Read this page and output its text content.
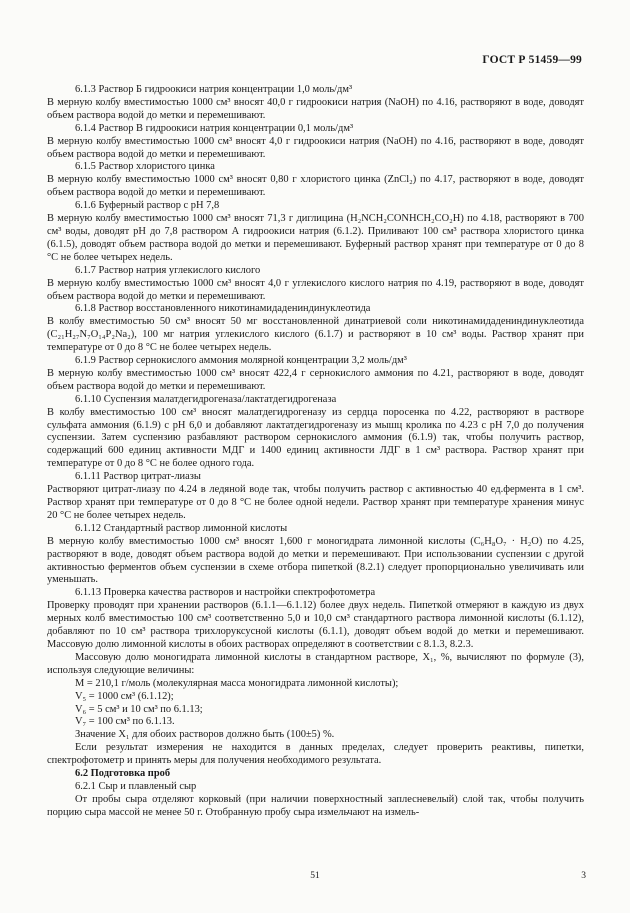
ГОСТ Р 51459—99

6.1.3 Раствор Б гидроокиси натрия концентрации 1,0 моль/дм³

В мерную колбу вместимостью 1000 см³ вносят 40,0 г гидроокиси натрия (NaOH) по 4.16, растворяют в воде, доводят объем раствора водой до метки и перемешивают.

6.1.4 Раствор В гидроокиси натрия концентрации 0,1 моль/дм³

В мерную колбу вместимостью 1000 см³ вносят 4,0 г гидроокиси натрия (NaOH) по 4.16, растворяют в воде, доводят объем раствора водой до метки и перемешивают.

6.1.5 Раствор хлористого цинка

В мерную колбу вместимостью 1000 см³ вносят 0,80 г хлористого цинка (ZnCl₂) по 4.17, растворяют в воде, доводят объем раствора водой до метки и перемешивают.

6.1.6 Буферный раствор с рН 7,8

В мерную колбу вместимостью 1000 см³ вносят 71,3 г диглицина (H₂NCH₂CONHCH₂CO₂H) по 4.18, растворяют в 700 см³ воды, доводят рН до 7,8 раствором А гидроокиси натрия (6.1.2). Приливают 100 см³ раствора хлористого цинка (6.1.5), доводят объем раствора водой до метки и перемешивают. Буферный раствор хранят при температуре от 0 до 8 °С не более четырех недель.

6.1.7 Раствор натрия углекислого кислого

В мерную колбу вместимостью 1000 см³ вносят 4,0 г углекислого кислого натрия по 4.19, растворяют в воде, доводят объем раствора водой до метки и перемешивают.

6.1.8 Раствор восстановленного никотинамидадениндинуклеотида

В колбу вместимостью 50 см³ вносят 50 мг восстановленной динатриевой соли никотинамидадениндинуклеотида (C₂₁H₂₇N₇O₁₄P₂Na₂), 100 мг натрия углекислого кислого (6.1.7) и растворяют в 10 см³ воды. Раствор хранят при температуре от 0 до 8 °С не более четырех недель.

6.1.9 Раствор сернокислого аммония молярной концентрации 3,2 моль/дм³

В мерную колбу вместимостью 1000 см³ вносят 422,4 г сернокислого аммония по 4.21, растворяют в воде, доводят объем раствора водой до метки и перемешивают.

6.1.10 Суспензия малатдегидрогеназа/лактатдегидрогеназа

В колбу вместимостью 100 см³ вносят малатдегидрогеназу из сердца поросенка по 4.22, растворяют в растворе сульфата аммония (6.1.9) с рН 6,0 и добавляют лактатдегидрогеназу из мышц кролика по 4.23 с рН 7,0 до получения суспензии. Затем суспензию разбавляют раствором сернокислого аммония (6.1.9) так, чтобы получить раствор, содержащий 600 единиц активности МДГ и 1400 единиц активности ЛДГ в 1 см³ раствора. Раствор хранят при температуре от 0 до 8 °С не более одного года.

6.1.11 Раствор цитрат-лиазы

Растворяют цитрат-лиазу по 4.24 в ледяной воде так, чтобы получить раствор с активностью 40 ед.фермента в 1 см³. Раствор хранят при температуре от 0 до 8 °С не более одной недели. Раствор хранят при температуре хранения минус 20 °С не более четырех недель.

6.1.12 Стандартный раствор лимонной кислоты

В мерную колбу вместимостью 1000 см³ вносят 1,600 г моногидрата лимонной кислоты (C₆H₈O₇ · H₂O) по 4.25, растворяют в воде, доводят объем раствора водой до метки и перемешивают. При использовании суспензии с другой активностью ферментов объем суспензии в схеме отбора пипеткой (8.2.1) следует пропорционально увеличивать или уменьшать.

6.1.13 Проверка качества растворов и настройки спектрофотометра

Проверку проводят при хранении растворов (6.1.1—6.1.12) более двух недель. Пипеткой отмеряют в каждую из двух мерных колб вместимостью 100 см³ соответственно 5,0 и 10,0 см³ стандартного раствора лимонной кислоты (6.1.12), добавляют по 10 см³ раствора трихлоруксусной кислоты (6.1.1), доводят объем водой до метки и перемешивают. Массовую долю лимонной кислоты в обоих растворах определяют в соответствии с 8.1.3, 8.2.3.

Массовую долю моногидрата лимонной кислоты в стандартном растворе, X₁, %, вычисляют по формуле (3), используя следующие величины:

M = 210,1 г/моль (молекулярная масса моногидрата лимонной кислоты);

V₅ = 1000 см³ (6.1.12);

V₆ = 5 см³ и 10 см³ по 6.1.13;

V₇ = 100 см³ по 6.1.13.

Значение X₁ для обоих растворов должно быть (100±5) %.

Если результат измерения не находится в данных пределах, следует проверить реактивы, пипетки, спектрофотометр и принять меры для получения необходимого результата.

6.2 Подготовка проб

6.2.1 Сыр и плавленый сыр

От пробы сыра отделяют корковый (при наличии поверхностный заплесневелый) слой так, чтобы получить порцию сыра массой не менее 50 г. Отобранную пробу сыра измельчают на измель-

51	3
